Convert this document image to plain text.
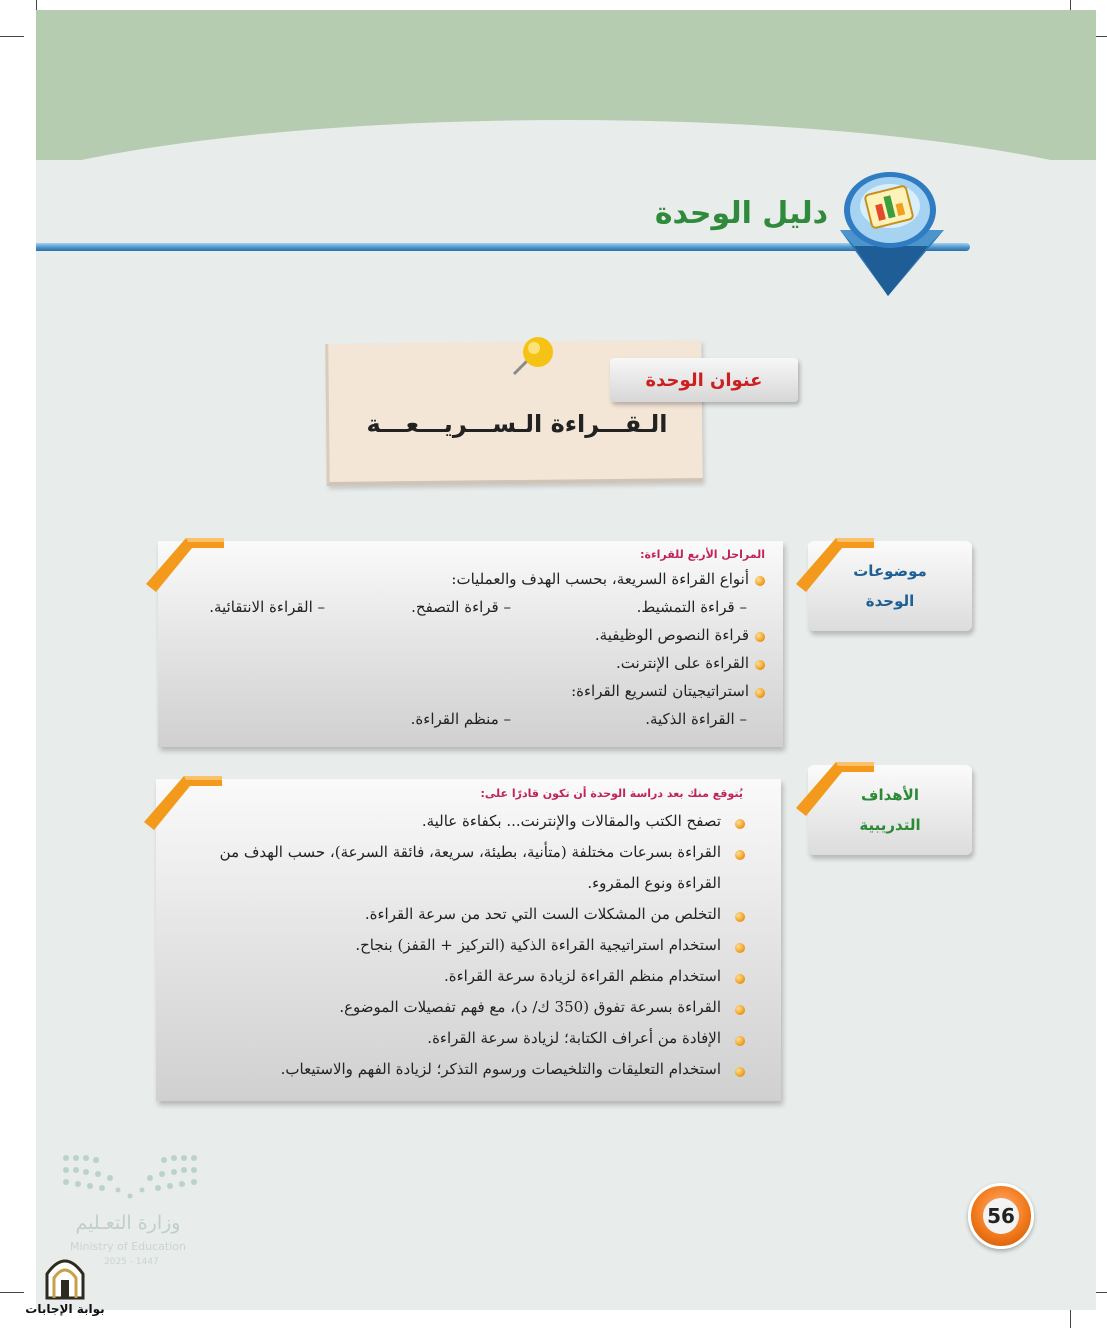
دليل الوحدة
عنوان الوحدة
الـقـــراءة الـســـريـــعـــة
موضوعات
الوحدة
المراحل الأربع للقراءة:
أنواع القراءة السريعة، بحسب الهدف والعمليات:
– قراءة التمشيط.
– قراءة التصفح.
– القراءة الانتقائية.
قراءة النصوص الوظيفية.
القراءة على الإنترنت.
استراتيجيتان لتسريع القراءة:
– القراءة الذكية.
– منظم القراءة.
الأهداف
التدريبية
يُتوقع منك بعد دراسة الوحدة أن تكون قادرًا على:
تصفح الكتب والمقالات والإنترنت... بكفاءة عالية.
القراءة بسرعات مختلفة (متأنية، بطيئة، سريعة، فائقة السرعة)، حسب الهدف من
القراءة ونوع المقروء.
التخلص من المشكلات الست التي تحد من سرعة القراءة.
استخدام استراتيجية القراءة الذكية (التركيز + القفز) بنجاح.
استخدام منظم القراءة لزيادة سرعة القراءة.
القراءة بسرعة تفوق (350 ك/ د)، مع فهم تفصيلات الموضوع.
الإفادة من أعراف الكتابة؛ لزيادة سرعة القراءة.
استخدام التعليقات والتلخيصات ورسوم التذكر؛ لزيادة الفهم والاستيعاب.
وزارة التعـليم
Ministry of Education
2025 - 1447
بوابة الإجابات
56
